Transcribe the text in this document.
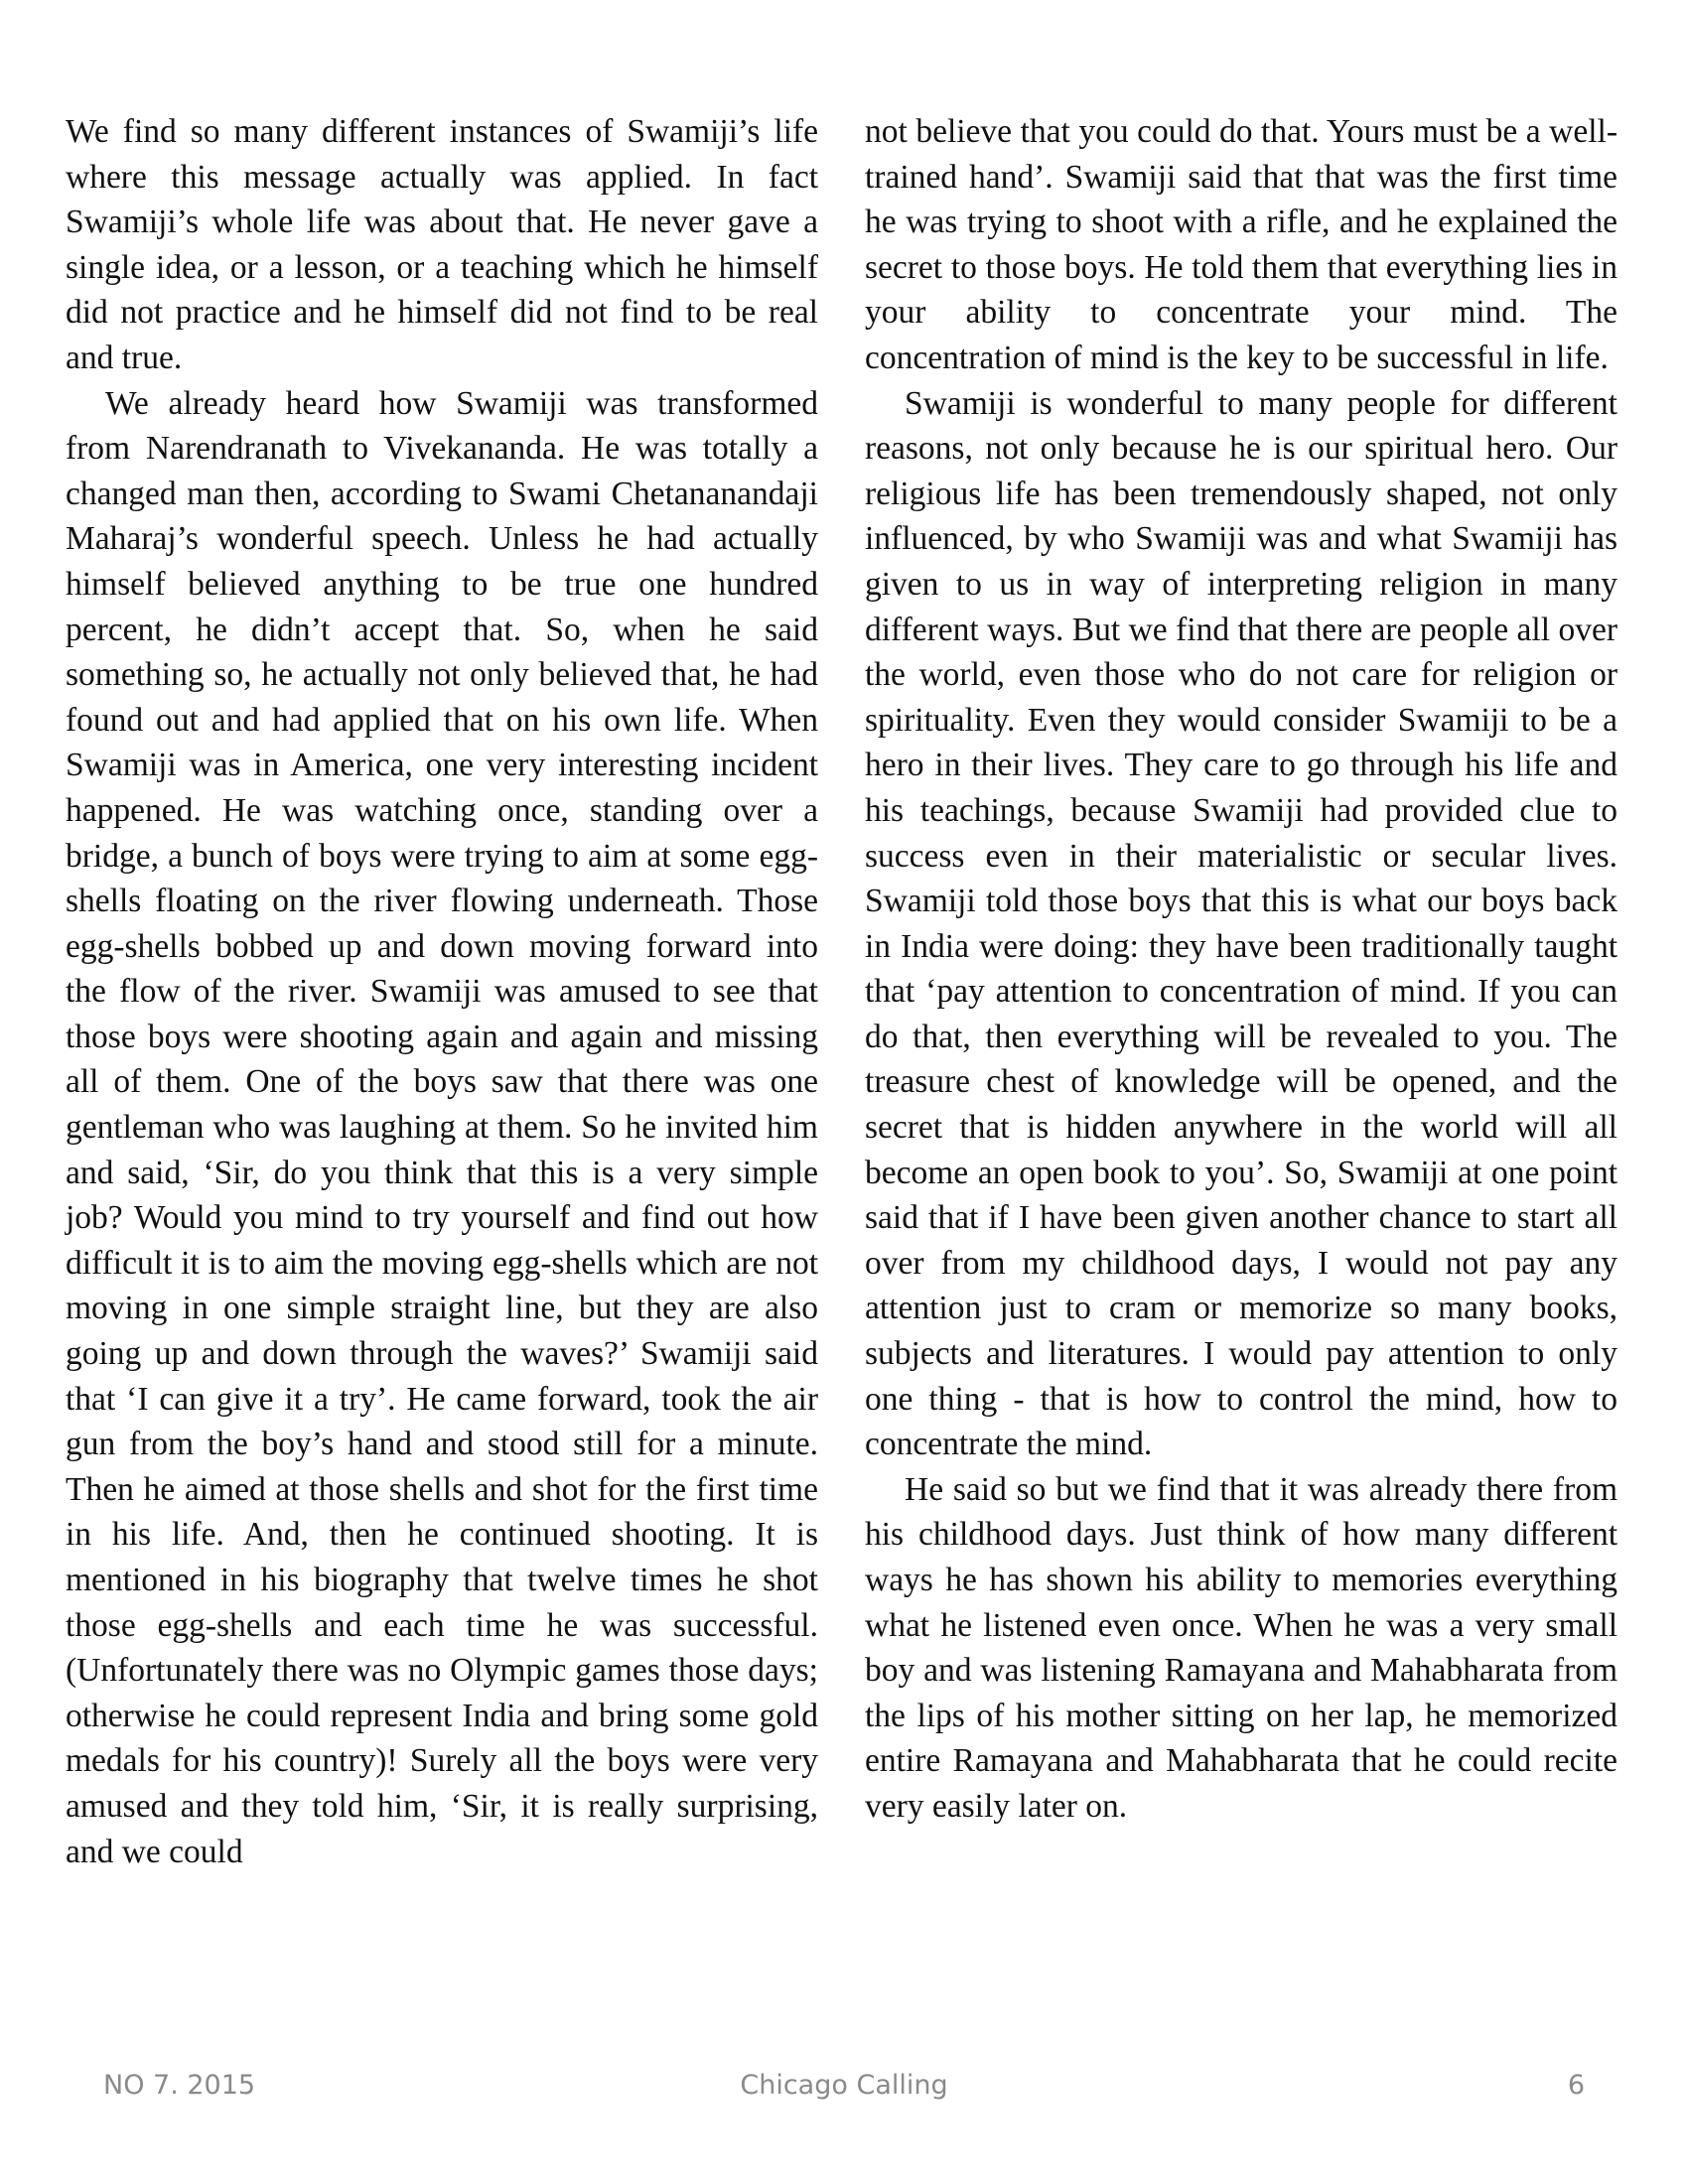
We find so many different instances of Swamiji’s life where this message actually was applied. In fact Swamiji’s whole life was about that. He never gave a single idea, or a lesson, or a teaching which he himself did not practice and he himself did not find to be real and true.

We already heard how Swamiji was transformed from Narendranath to Vivekananda. He was totally a changed man then, according to Swami Chetananandaji Maharaj’s wonderful speech. Unless he had actually himself believed anything to be true one hundred percent, he didn’t accept that. So, when he said something so, he actually not only believed that, he had found out and had applied that on his own life. When Swamiji was in America, one very interesting incident happened. He was watching once, standing over a bridge, a bunch of boys were trying to aim at some egg-shells floating on the river flowing underneath. Those egg-shells bobbed up and down moving forward into the flow of the river. Swamiji was amused to see that those boys were shooting again and again and missing all of them. One of the boys saw that there was one gentleman who was laughing at them. So he invited him and said, ‘Sir, do you think that this is a very simple job? Would you mind to try yourself and find out how difficult it is to aim the moving egg-shells which are not moving in one simple straight line, but they are also going up and down through the waves?’ Swamiji said that ‘I can give it a try’. He came forward, took the air gun from the boy’s hand and stood still for a minute. Then he aimed at those shells and shot for the first time in his life. And, then he continued shooting. It is mentioned in his biography that twelve times he shot those egg-shells and each time he was successful. (Unfortunately there was no Olympic games those days; otherwise he could represent India and bring some gold medals for his country)! Surely all the boys were very amused and they told him, ‘Sir, it is really surprising, and we could

not believe that you could do that. Yours must be a well-trained hand’. Swamiji said that that was the first time he was trying to shoot with a rifle, and he explained the secret to those boys. He told them that everything lies in your ability to concentrate your mind. The concentration of mind is the key to be successful in life.

Swamiji is wonderful to many people for different reasons, not only because he is our spiritual hero. Our religious life has been tremendously shaped, not only influenced, by who Swamiji was and what Swamiji has given to us in way of interpreting religion in many different ways. But we find that there are people all over the world, even those who do not care for religion or spirituality. Even they would consider Swamiji to be a hero in their lives. They care to go through his life and his teachings, because Swamiji had provided clue to success even in their materialistic or secular lives. Swamiji told those boys that this is what our boys back in India were doing: they have been traditionally taught that ‘pay attention to concentration of mind. If you can do that, then everything will be revealed to you. The treasure chest of knowledge will be opened, and the secret that is hidden anywhere in the world will all become an open book to you’. So, Swamiji at one point said that if I have been given another chance to start all over from my childhood days, I would not pay any attention just to cram or memorize so many books, subjects and literatures. I would pay attention to only one thing - that is how to control the mind, how to concentrate the mind.

He said so but we find that it was already there from his childhood days. Just think of how many different ways he has shown his ability to memories everything what he listened even once. When he was a very small boy and was listening Ramayana and Mahabharata from the lips of his mother sitting on her lap, he memorized entire Ramayana and Mahabharata that he could recite very easily later on.

Chicago Calling
NO 7. 2015	6
